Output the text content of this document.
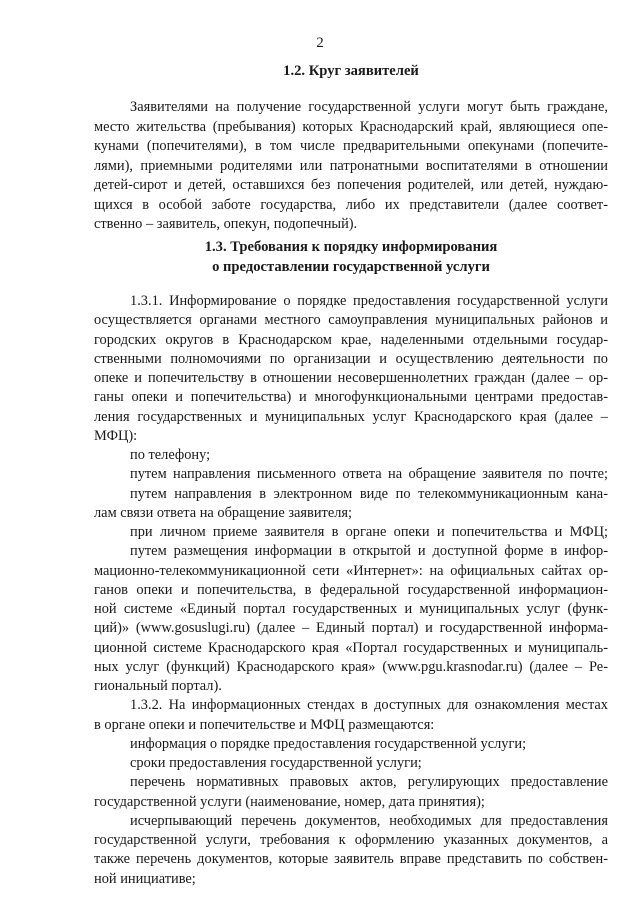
2
1.2. Круг заявителей
Заявителями на получение государственной услуги могут быть граждане,
место жительства (пребывания) которых Краснодарский край, являющиеся опе-
кунами (попечителями), в том числе предварительными опекунами (попечите-
лями), приемными родителями или патронатными воспитателями в отношении
детей-сирот и детей, оставшихся без попечения родителей, или детей, нуждаю-
щихся в особой заботе государства, либо их представители (далее соответ-
ственно – заявитель, опекун, подопечный).
1.3. Требования к порядку информирования
о предоставлении государственной услуги
1.3.1. Информирование о порядке предоставления государственной услуги
осуществляется органами местного самоуправления муниципальных районов и
городских округов в Краснодарском крае, наделенными отдельными государ-
ственными полномочиями по организации и осуществлению деятельности по
опеке и попечительству в отношении несовершеннолетних граждан (далее – ор-
ганы опеки и попечительства) и многофункциональными центрами предостав-
ления государственных и муниципальных услуг Краснодарского края (далее –
МФЦ):
по телефону;
путем направления письменного ответа на обращение заявителя по почте;
путем направления в электронном виде по телекоммуникационным кана-
лам связи ответа на обращение заявителя;
при личном приеме заявителя в органе опеки и попечительства и МФЦ;
путем размещения информации в открытой и доступной форме в инфор-
мационно-телекоммуникационной сети «Интернет»: на официальных сайтах ор-
ганов опеки и попечительства, в федеральной государственной информацион-
ной системе «Единый портал государственных и муниципальных услуг (функ-
ций)» (www.gosuslugi.ru) (далее – Единый портал) и государственной информа-
ционной системе Краснодарского края «Портал государственных и муниципаль-
ных услуг (функций) Краснодарского края» (www.pgu.krasnodar.ru) (далее – Ре-
гиональный портал).
1.3.2. На информационных стендах в доступных для ознакомления местах
в органе опеки и попечительстве и МФЦ размещаются:
информация о порядке предоставления государственной услуги;
сроки предоставления государственной услуги;
перечень нормативных правовых актов, регулирующих предоставление
государственной услуги (наименование, номер, дата принятия);
исчерпывающий перечень документов, необходимых для предоставления
государственной услуги, требования к оформлению указанных документов, а
также перечень документов, которые заявитель вправе представить по собствен-
ной инициативе;
